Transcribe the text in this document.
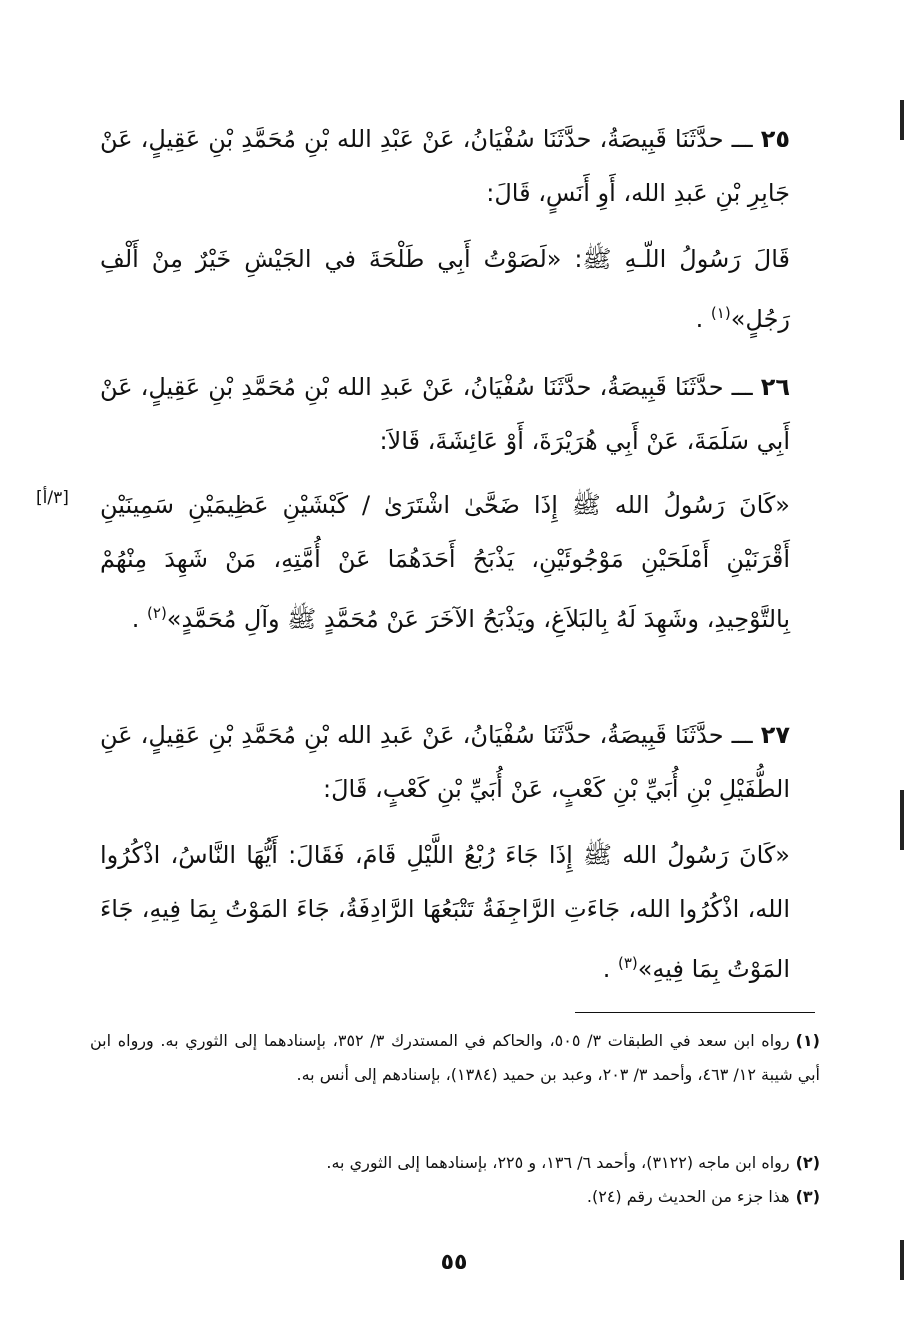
٢٥ ـــ حدَّثَنَا قَبِيصَةُ، حدَّثَنَا سُفْيَانُ، عَنْ عَبْدِ الله بْنِ مُحَمَّدِ بْنِ عَقِيلٍ، عَنْ جَابِرِ بْنِ عَبدِ الله، أَوِ أَنَسٍ، قَالَ:

قَالَ رَسُولُ اللّـهِ ﷺ: «لَصَوْتُ أَبِي طَلْحَةَ في الجَيْشِ خَيْرٌ مِنْ أَلْفِ رَجُلٍ»$^{(١)}$ .

٢٦ ـــ حدَّثَنَا قَبِيصَةُ، حدَّثَنَا سُفْيَانُ، عَنْ عَبدِ الله بْنِ مُحَمَّدِ بْنِ عَقِيلٍ، عَنْ أَبِي سَلَمَةَ، عَنْ أَبِي هُرَيْرَةَ، أَوْ عَائِشَةَ، قَالاَ:

[٣/أ] «كَانَ رَسُولُ الله ﷺ إِذَا ضَحَّىٰ اشْتَرَىٰ / كَبْشَيْنِ عَظِيمَيْنِ سَمِينَيْنِ أَقْرَنَيْنِ أَمْلَحَيْنِ مَوْجُوئَيْنِ، يَذْبَحُ أَحَدَهُمَا عَنْ أُمَّتِهِ، مَنْ شَهِدَ مِنْهُمْ بِالتَّوْحِيدِ، وشَهِدَ لَهُ بِالبَلاَغِ، ويَذْبَحُ الآخَرَ عَنْ مُحَمَّدٍ ﷺ وآلِ مُحَمَّدٍ»$^{(٢)}$ .

٢٧ ـــ حدَّثَنَا قَبِيصَةُ، حدَّثَنَا سُفْيَانُ، عَنْ عَبدِ الله بْنِ مُحَمَّدِ بْنِ عَقِيلٍ، عَنِ الطُّفَيْلِ بْنِ أُبَيِّ بْنِ كَعْبٍ، عَنْ أُبَيِّ بْنِ كَعْبٍ، قَالَ:

«كَانَ رَسُولُ الله ﷺ إِذَا جَاءَ رُبْعُ اللَّيْلِ قَامَ، فَقَالَ: أَيُّهَا النَّاسُ، اذْكُرُوا الله، اذْكُرُوا الله، جَاءَتِ الرَّاجِفَةُ تَتْبَعُهَا الرَّادِفَةُ، جَاءَ المَوْتُ بِمَا فِيهِ، جَاءَ المَوْتُ بِمَا فِيهِ»$^{(٣)}$ .

(١)رواه ابن سعد في الطبقات ٣/ ٥٠٥، والحاكم في المستدرك ٣/ ٣٥٢، بإسنادهما إلى الثوري به. ورواه ابن أبي شيبة ١٢/ ٤٦٣، وأحمد ٣/ ٢٠٣، وعبد بن حميد (١٣٨٤)، بإسنادهم إلى أنس به.

(٢)رواه ابن ماجه (٣١٢٢)، وأحمد ٦/ ١٣٦، و ٢٢٥، بإسنادهما إلى الثوري به.

(٣)هذا جزء من الحديث رقم (٢٤).

٥٥
